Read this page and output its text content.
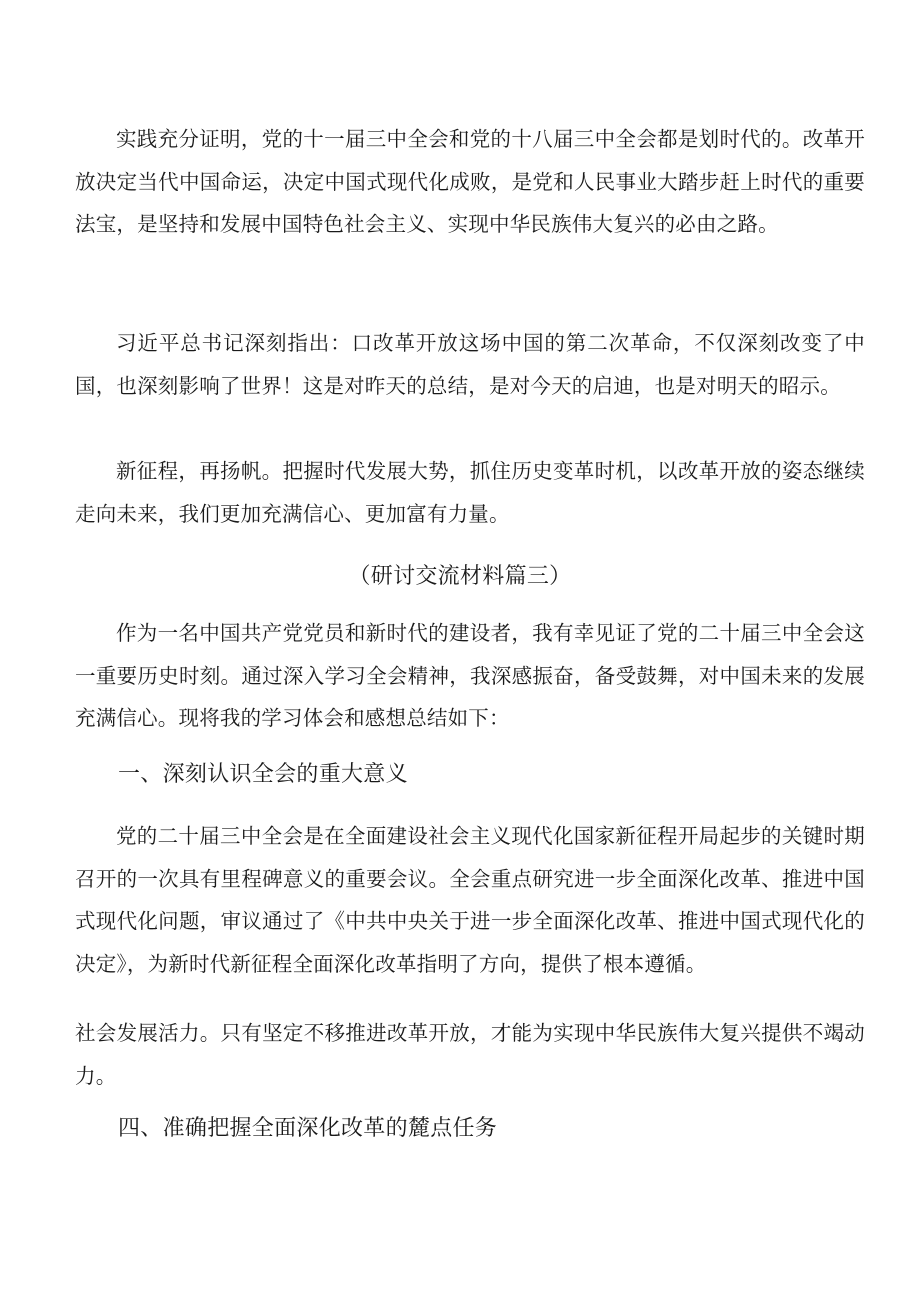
实践充分证明，党的十一届三中全会和党的十八届三中全会都是划时代的。改革开放决定当代中国命运，决定中国式现代化成败，是党和人民事业大踏步赶上时代的重要法宝，是坚持和发展中国特色社会主义、实现中华民族伟大复兴的必由之路。

习近平总书记深刻指出：口改革开放这场中国的第二次革命，不仅深刻改变了中国，也深刻影响了世界！这是对昨天的总结，是对今天的启迪，也是对明天的昭示。

新征程，再扬帆。把握时代发展大势，抓住历史变革时机，以改革开放的姿态继续走向未来，我们更加充满信心、更加富有力量。

（研讨交流材料篇三）

作为一名中国共产党党员和新时代的建设者，我有幸见证了党的二十届三中全会这一重要历史时刻。通过深入学习全会精神，我深感振奋，备受鼓舞，对中国未来的发展充满信心。现将我的学习体会和感想总结如下：

一、深刻认识全会的重大意义

党的二十届三中全会是在全面建设社会主义现代化国家新征程开局起步的关键时期召开的一次具有里程碑意义的重要会议。全会重点研究进一步全面深化改革、推进中国式现代化问题，审议通过了《中共中央关于进一步全面深化改革、推进中国式现代化的决定》，为新时代新征程全面深化改革指明了方向，提供了根本遵循。

社会发展活力。只有坚定不移推进改革开放，才能为实现中华民族伟大复兴提供不竭动力。

四、准确把握全面深化改革的麓点任务
